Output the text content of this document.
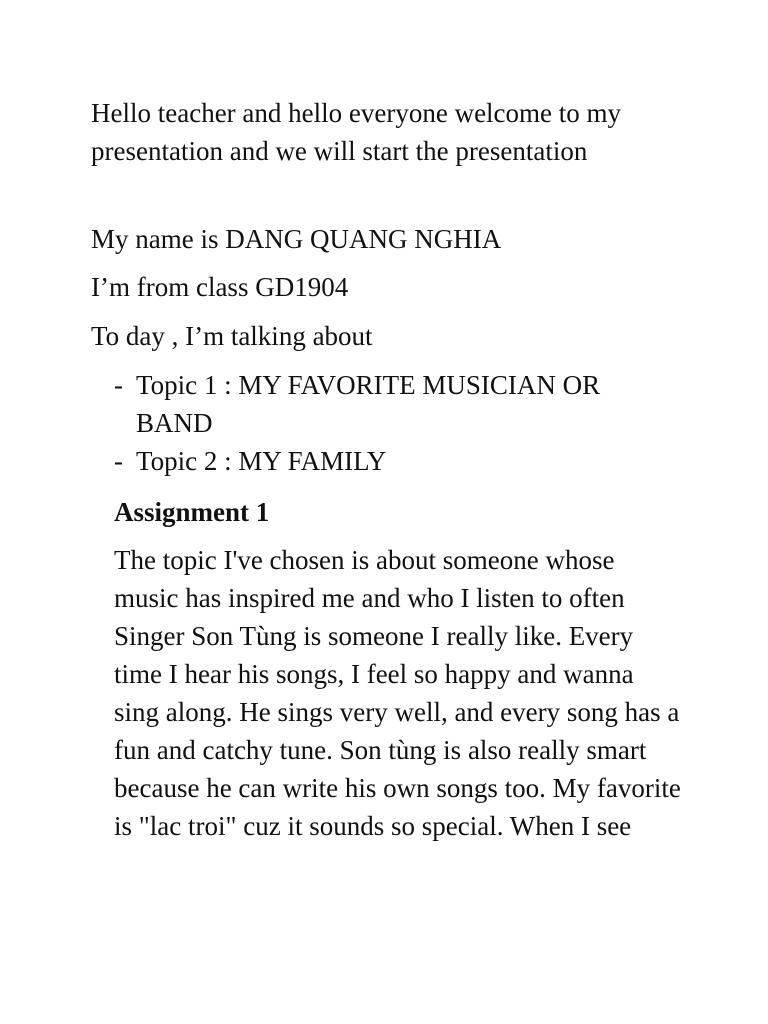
Hello teacher and hello everyone welcome to my presentation and we will start the presentation

My name is DANG QUANG NGHIA

I’m from class GD1904

To day , I’m talking about

- Topic 1 : MY FAVORITE MUSICIAN OR BAND
- Topic 2 : MY FAMILY
Assignment 1

The topic I've chosen is about someone whose music has inspired me and who I listen to often Singer Son Tùng is someone I really like. Every time I hear his songs, I feel so happy and wanna sing along. He sings very well, and every song has a fun and catchy tune. Son tùng is also really smart because he can write his own songs too. My favorite is "lac troi" cuz it sounds so special. When I see
